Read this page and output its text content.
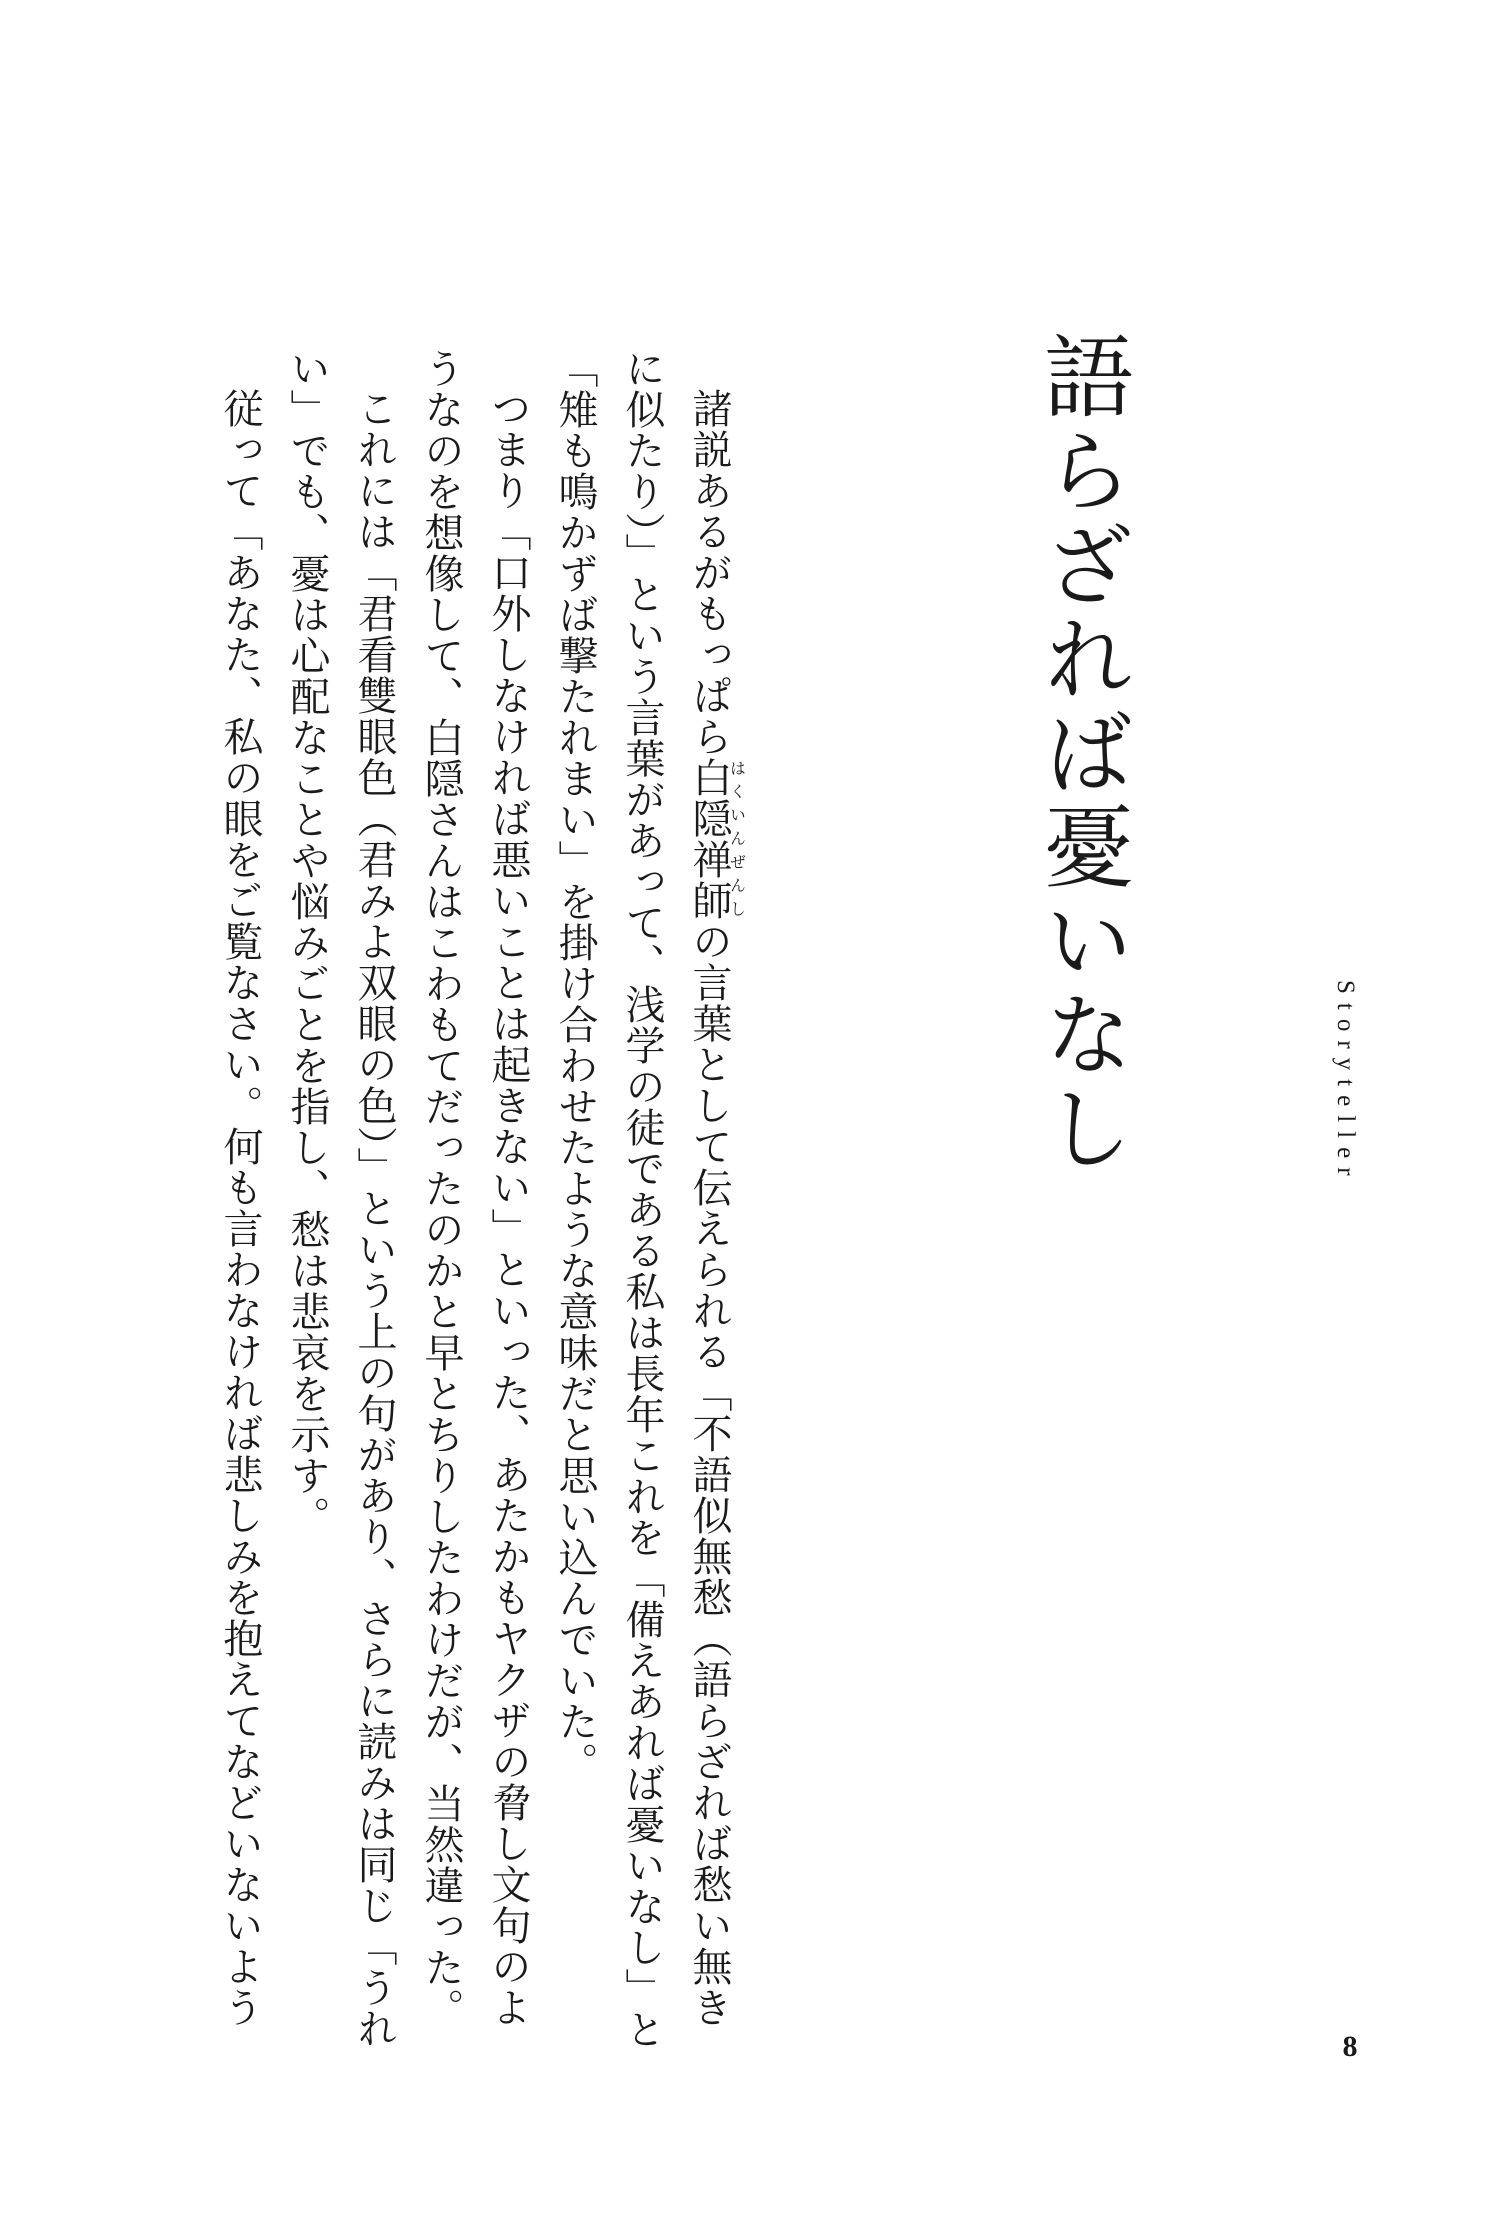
語らざれば憂いなし	Storyteller

諸説あるがもっぱら白隠禅師はくいんぜんしの言葉として伝えられる「不語似無愁（語らざれば愁い無きに似たり）」という言葉があって、浅学の徒である私は長年これを「備えあれば憂いなし」と「雉も鳴かずば撃たれまい」を掛け合わせたような意味だと思い込んでいた。

つまり「口外しなければ悪いことは起きない」といった、あたかもヤクザの脅し文句のようなのを想像して、白隠さんはこわもてだったのかと早とちりしたわけだが、当然違った。

これには「君看雙眼色（君みよ双眼の色）」という上の句があり、さらに読みは同じ「うれい」でも、憂は心配なことや悩みごとを指し、愁は悲哀を示す。

従って「あなた、私の眼をご覧なさい。何も言わなければ悲しみを抱えてなどいないよう

8
